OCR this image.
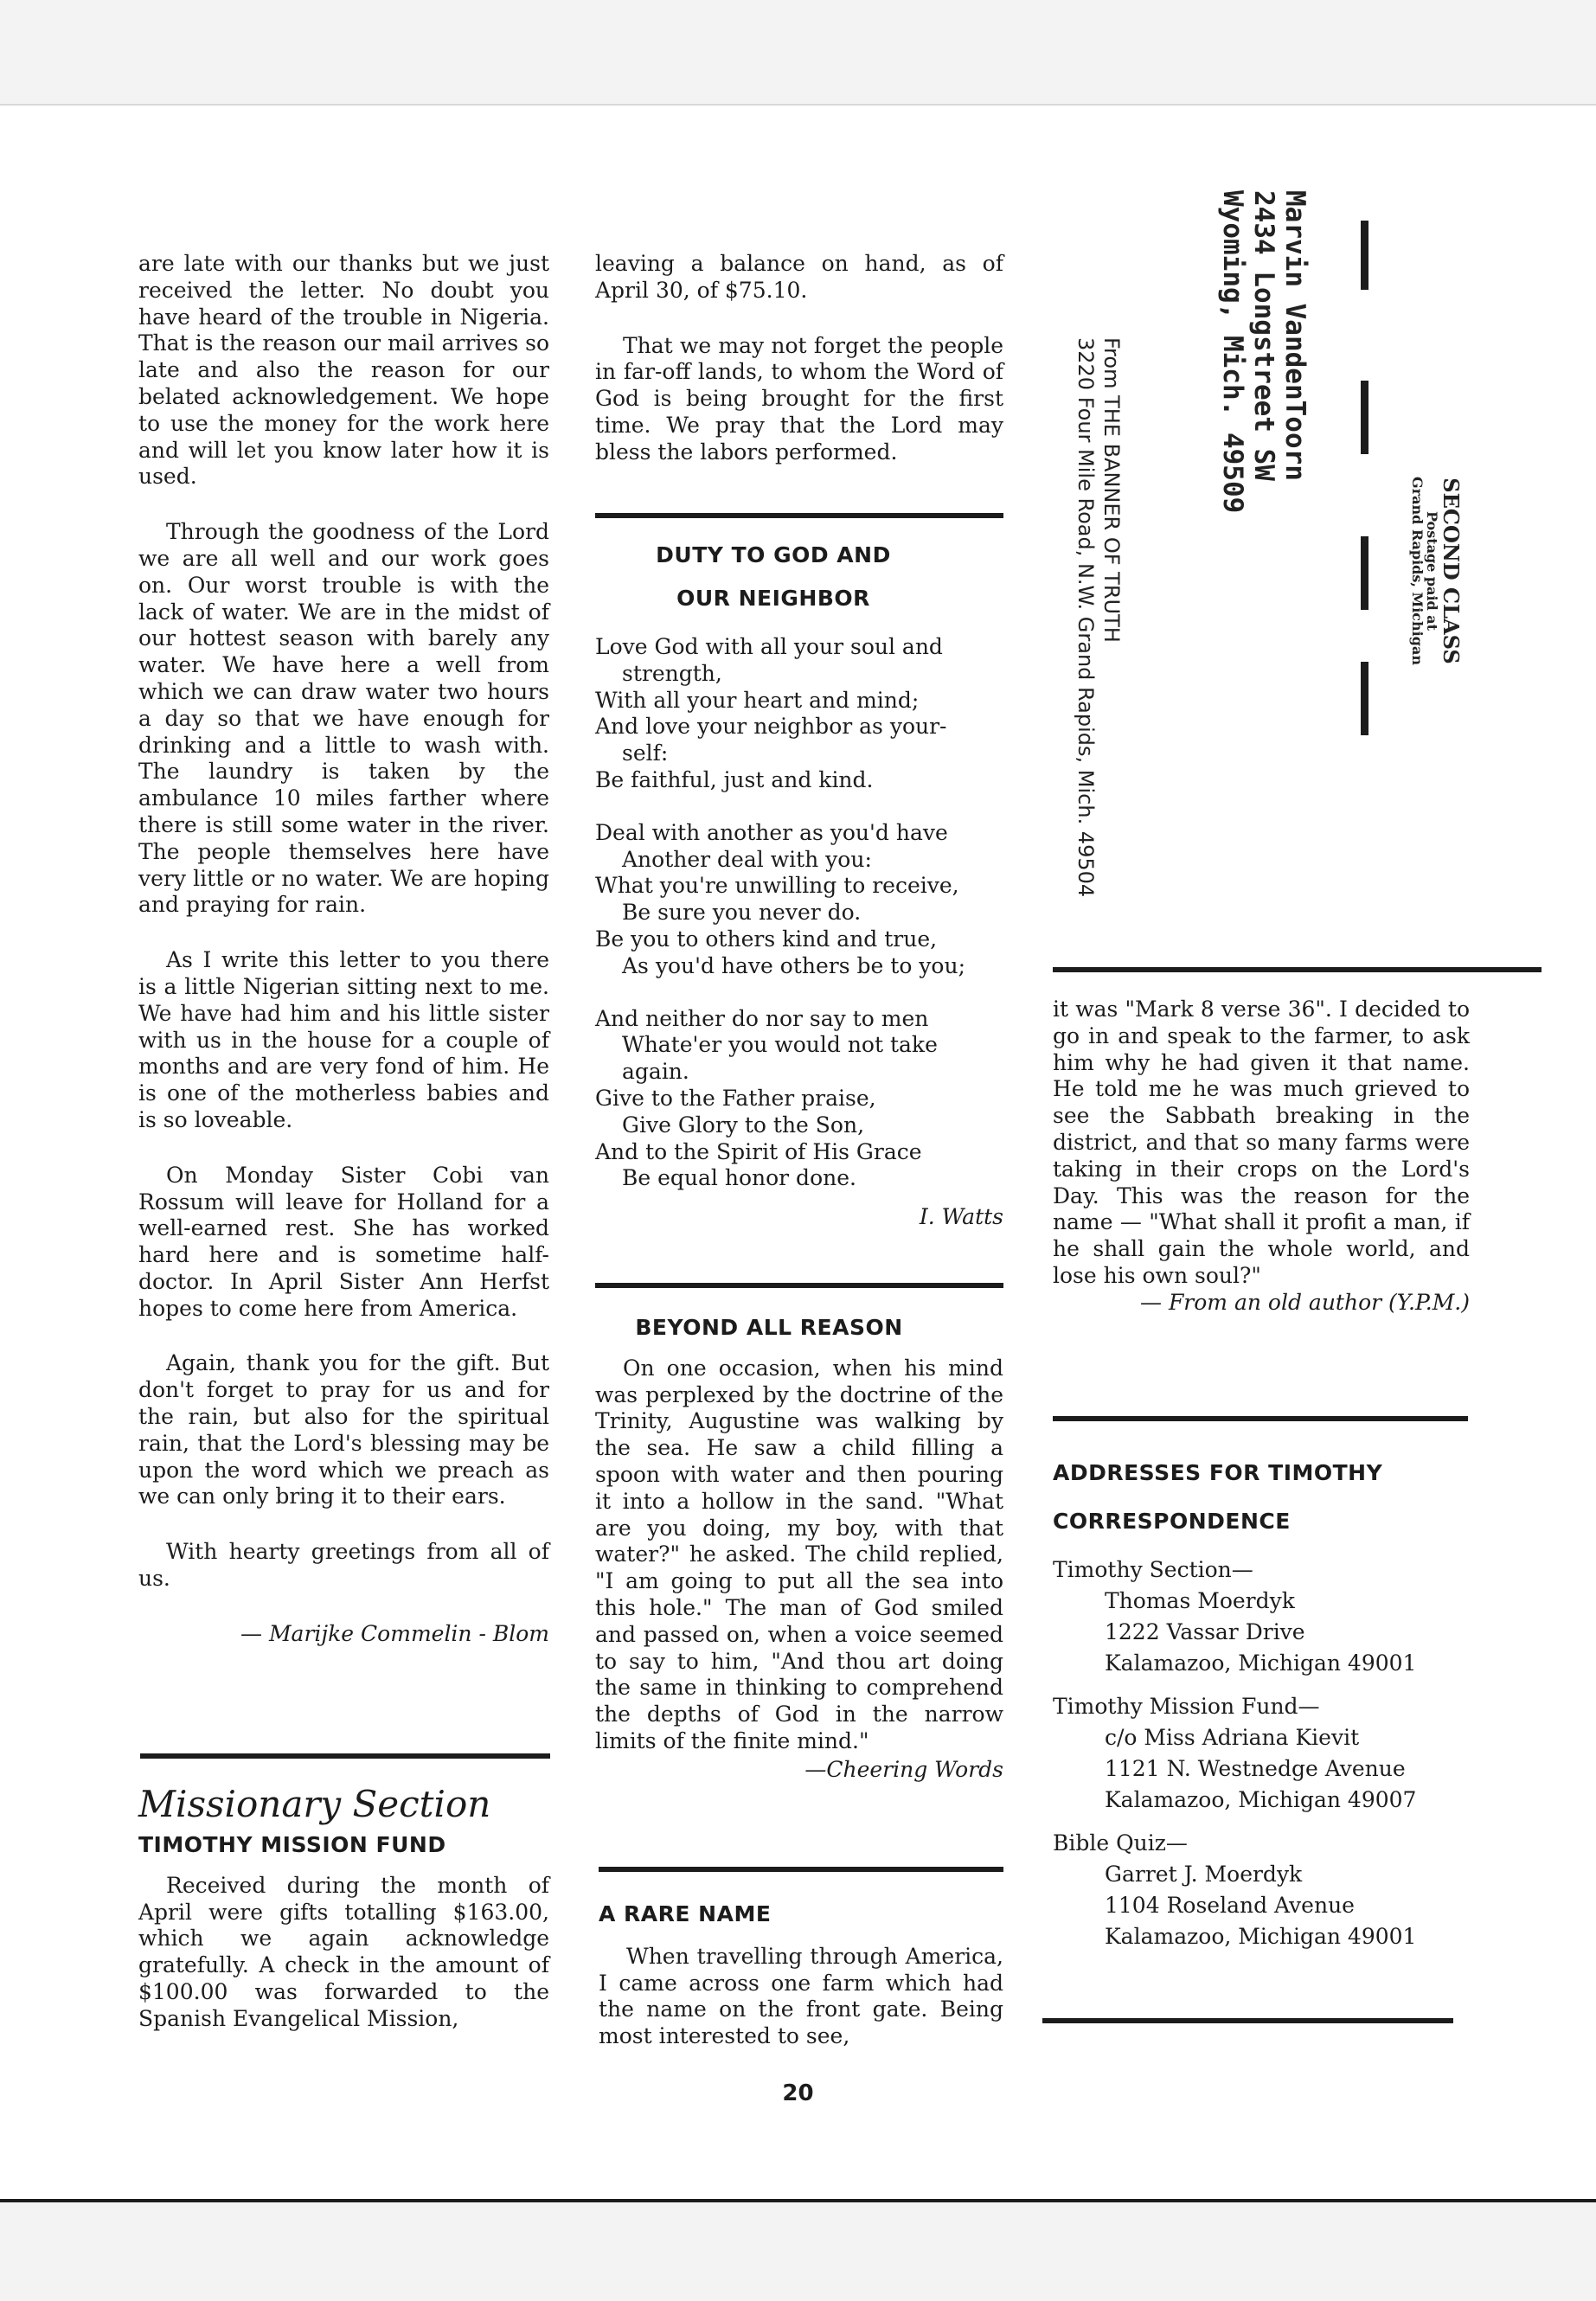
are late with our thanks but we just received the letter. No doubt you have heard of the trouble in Nigeria. That is the reason our mail arrives so late and also the reason for our belated acknowledgement. We hope to use the money for the work here and will let you know later how it is used.

Through the goodness of the Lord we are all well and our work goes on. Our worst trouble is with the lack of water. We are in the midst of our hottest season with barely any water. We have here a well from which we can draw water two hours a day so that we have enough for drinking and a little to wash with. The laundry is taken by the ambulance 10 miles farther where there is still some water in the river. The people themselves here have very little or no water. We are hoping and praying for rain.

As I write this letter to you there is a little Nigerian sitting next to me. We have had him and his little sister with us in the house for a couple of months and are very fond of him. He is one of the motherless babies and is so loveable.

On Monday Sister Cobi van Rossum will leave for Holland for a well-earned rest. She has worked hard here and is sometime half-doctor. In April Sister Ann Herfst hopes to come here from America.

Again, thank you for the gift. But don't forget to pray for us and for the rain, but also for the spiritual rain, that the Lord's blessing may be upon the word which we preach as we can only bring it to their ears.

With hearty greetings from all of us.

— Marijke Commelin - Blom

Missionary Section

TIMOTHY MISSION FUND

Received during the month of April were gifts totalling $163.00, which we again acknowledge gratefully. A check in the amount of $100.00 was forwarded to the Spanish Evangelical Mission,

leaving a balance on hand, as of April 30, of $75.10.

That we may not forget the people in far-off lands, to whom the Word of God is being brought for the first time. We pray that the Lord may bless the labors performed.

DUTY TO GOD AND

OUR NEIGHBOR

Love God with all your soul and

strength,

With all your heart and mind;

And love your neighbor as your-

self:

Be faithful, just and kind.

Deal with another as you'd have

Another deal with you:

What you're unwilling to receive,

Be sure you never do.

Be you to others kind and true,

As you'd have others be to you;

And neither do nor say to men

Whate'er you would not take

again.

Give to the Father praise,

Give Glory to the Son,

And to the Spirit of His Grace

Be equal honor done.

I. Watts

BEYOND ALL REASON

On one occasion, when his mind was perplexed by the doctrine of the Trinity, Augustine was walking by the sea. He saw a child filling a spoon with water and then pouring it into a hollow in the sand. "What are you doing, my boy, with that water?" he asked. The child replied, "I am going to put all the sea into this hole." The man of God smiled and passed on, when a voice seemed to say to him, "And thou art doing the same in thinking to comprehend the depths of God in the narrow limits of the finite mind."

—Cheering Words

A RARE NAME

When travelling through America, I came across one farm which had the name on the front gate. Being most interested to see,

SECOND CLASS
Postage paid at
Grand Rapids, Michigan
Marvin VandenToorn
2434 Longstreet SW
Wyoming, Mich. 49509
From THE BANNER OF TRUTH
3220 Four Mile Road, N.W. Grand Rapids, Mich. 49504

it was "Mark 8 verse 36". I decided to go in and speak to the farmer, to ask him why he had given it that name. He told me he was much grieved to see the Sabbath breaking in the district, and that so many farms were taking in their crops on the Lord's Day. This was the reason for the name — "What shall it profit a man, if he shall gain the whole world, and lose his own soul?"

— From an old author (Y.P.M.)

ADDRESSES FOR TIMOTHY

CORRESPONDENCE

Timothy Section—

Thomas Moerdyk

1222 Vassar Drive

Kalamazoo, Michigan 49001

Timothy Mission Fund—

c/o Miss Adriana Kievit

1121 N. Westnedge Avenue

Kalamazoo, Michigan 49007

Bible Quiz—

Garret J. Moerdyk

1104 Roseland Avenue

Kalamazoo, Michigan 49001

20
